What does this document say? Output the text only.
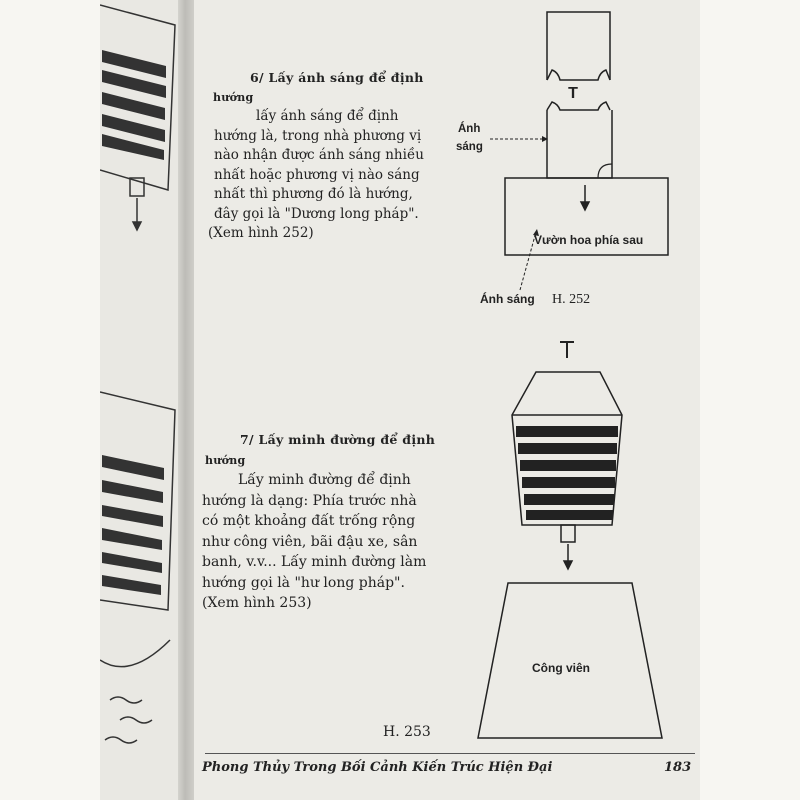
6/ Lấy ánh sáng để định
hướng
lấy ánh sáng để định
hướng là, trong nhà phương vị
nào nhận được ánh sáng nhiều
nhất hoặc phương vị nào sáng
nhất thì phương đó là hướng,
đây gọi là "Dương long pháp".
(Xem hình 252)
7/ Lấy minh đường để định
hướng
Lấy minh đường để định
hướng là dạng: Phía trước nhà
có một khoảng đất trống rộng
như công viên, bãi đậu xe, sân
banh, v.v... Lấy minh đường làm
hướng gọi là "hư long pháp".
(Xem hình 253)
T
Ánh
sáng
Vườn hoa phía sau
Ánh sáng H. 252
Công viên
H. 253
Phong Thủy Trong Bối Cảnh Kiến Trúc Hiện Đại	183
